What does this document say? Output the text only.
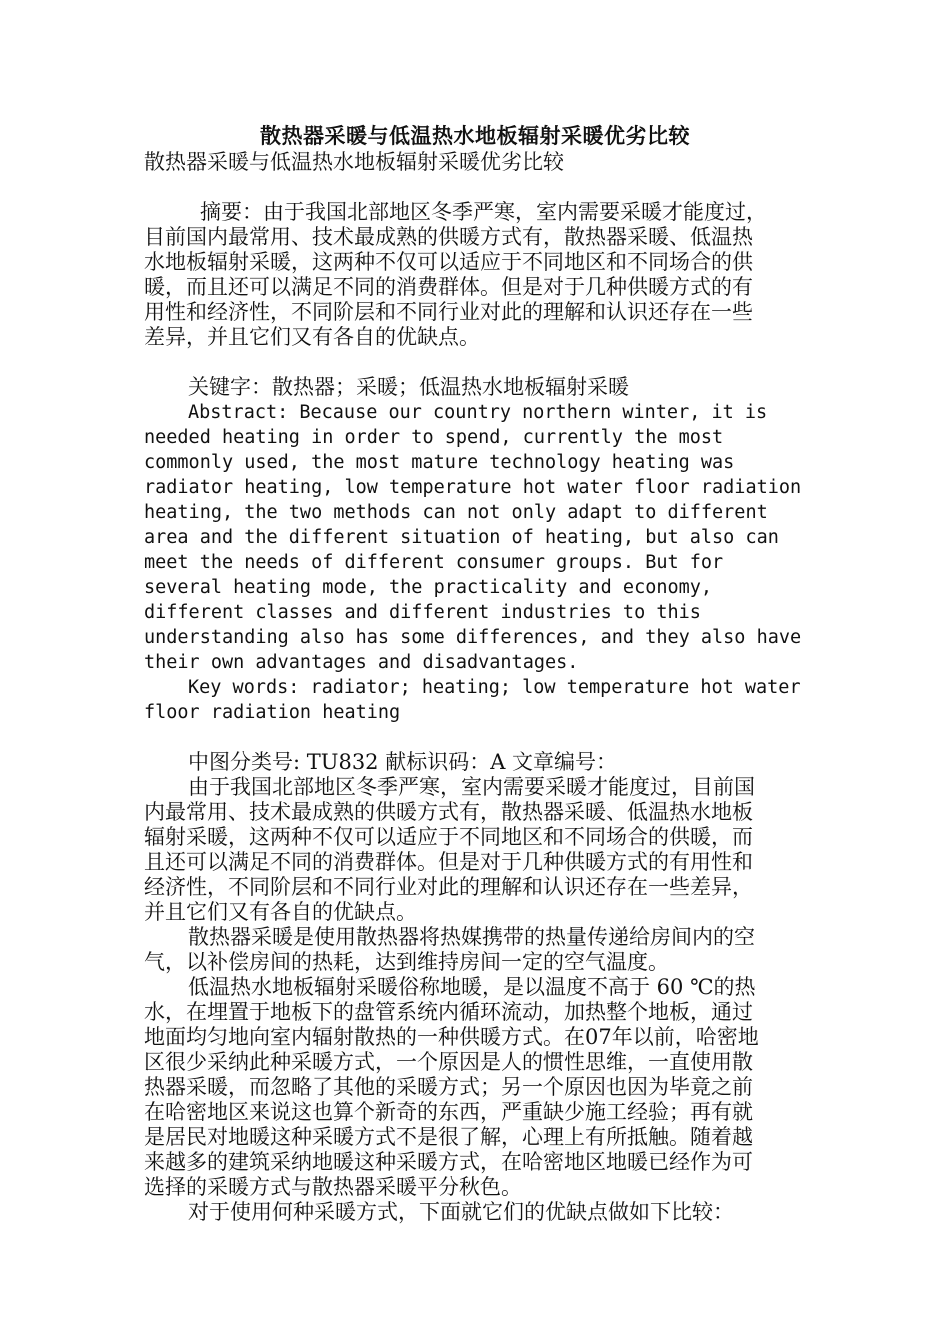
散热器采暖与低温热水地板辐射采暖优劣比较
散热器采暖与低温热水地板辐射采暖优劣比较
摘要：由于我国北部地区冬季严寒，室内需要采暖才能度过，
目前国内最常用、技术最成熟的供暖方式有，散热器采暖、低温热
水地板辐射采暖，这两种不仅可以适应于不同地区和不同场合的供
暖，而且还可以满足不同的消费群体。但是对于几种供暖方式的有
用性和经济性，不同阶层和不同行业对此的理解和认识还存在一些
差异，并且它们又有各自的优缺点。
关键字：散热器；采暖；低温热水地板辐射采暖
Abstract: Because our country northern winter, it is
needed heating in order to spend, currently the most
commonly used, the most mature technology heating was
radiator heating, low temperature hot water floor radiation
heating, the two methods can not only adapt to different
area and the different situation of heating, but also can
meet the needs of different consumer groups. But for
several heating mode, the practicality and economy,
different classes and different industries to this
understanding also has some differences, and they also have
their own advantages and disadvantages.
Key words: radiator; heating; low temperature hot water
floor radiation heating
中图分类号: TU832 献标识码：A 文章编号：
由于我国北部地区冬季严寒，室内需要采暖才能度过，目前国
内最常用、技术最成熟的供暖方式有，散热器采暖、低温热水地板
辐射采暖，这两种不仅可以适应于不同地区和不同场合的供暖，而
且还可以满足不同的消费群体。但是对于几种供暖方式的有用性和
经济性，不同阶层和不同行业对此的理解和认识还存在一些差异，
并且它们又有各自的优缺点。
散热器采暖是使用散热器将热媒携带的热量传递给房间内的空
气，以补偿房间的热耗，达到维持房间一定的空气温度。
低温热水地板辐射采暖俗称地暖，是以温度不高于 60 ℃的热
水，在埋置于地板下的盘管系统内循环流动，加热整个地板，通过
地面均匀地向室内辐射散热的一种供暖方式。在07年以前，哈密地
区很少采纳此种采暖方式，一个原因是人的惯性思维，一直使用散
热器采暖，而忽略了其他的采暖方式；另一个原因也因为毕竟之前
在哈密地区来说这也算个新奇的东西，严重缺少施工经验；再有就
是居民对地暖这种采暖方式不是很了解，心理上有所抵触。随着越
来越多的建筑采纳地暖这种采暖方式，在哈密地区地暖已经作为可
选择的采暖方式与散热器采暖平分秋色。
对于使用何种采暖方式，下面就它们的优缺点做如下比较：
